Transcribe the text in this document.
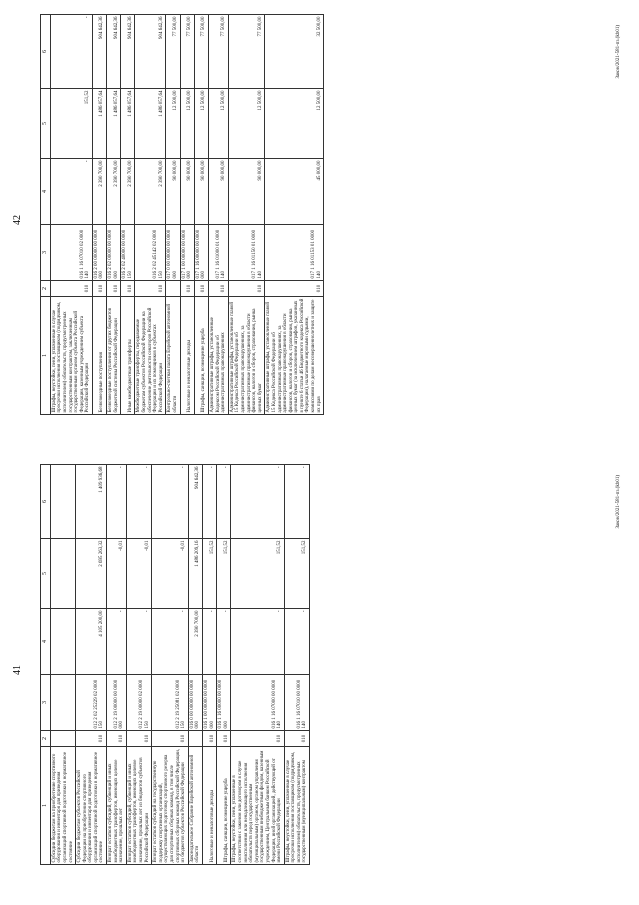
41
1	2	3	4	5	6
Субсидии бюджетам на приобретение спортивного оборудования и инвентаря для приведения организаций спортивной подготовки в нормативное состояние					
Субсидии бюджетам субъектов Российской Федерации на приобретение спортивного оборудования и инвентаря для приведения организаций спортивной подготовки в нормативное состояние	010	012 2 02 25229 02 0000 150	4 105 200,00	2 695 263,32	1 409 936,68
Возврат остатков субсидий, субвенций и иных межбюджетных трансфертов, имеющих целевое назначение, прошлых лет	010	012 2 19 00000 00 0000 000	-	-0,01	-
Возврат остатков субсидий, субвенций и иных межбюджетных трансфертов, имеющих целевое назначение, прошлых лет из бюджетов субъектов Российской Федерации	010	012 2 19 00000 02 0000 150	-	-0,01	-
Возврат остатков субсидий на государственную поддержку спортивных организаций, осуществляющих подготовку спортивного резерва для спортивных сборных команд, в том числе спортивных сборных команд Российской Федерации, из бюджетов субъектов Российской Федерации	010	012 2 19 25081 02 0000 150	-	-0,01	-
Законодательное Собрание Еврейской автономной области		016 0 00 00000 00 0000 000	2 390 700,00	1 486 209,16	904 642,36
Налоговые и неналоговые доходы	010	016 1 00 00000 00 0000 000	-	151,52	-
Штрафы, санкции, возмещение ущерба	010	016 1 16 00000 00 0000 000	-	151,52	-
Штрафы, неустойки, пени, уплаченные в соответствии с законом или договором в случае неисполнения или ненадлежащего исполнения обязательств перед государственным (муниципальным) органом, органом управления государственным внебюджетным фондом, казенным учреждением, Центральным банком Российской Федерации, иной организацией, действующей от имени Российской Федерации	010	016 1 16 07000 00 0000 140	-	151,52	-
Штрафы, неустойки, пени, уплаченные в случае просрочки исполнения поставщиком (подрядчиком, исполнителем) обязательств, предусмотренных государственным (муниципальным) контрактом	010	016 1 16 07010 00 0000 140	-	151,52	-
Закон/2021-581-пз.(kb01)
42
1	2	3	4	5	6
Штрафы, неустойки, пени, уплаченные в случае просрочки исполнения поставщиком (подрядчиком, исполнителем) обязательств, предусмотренных государственным контрактом, заключенным государственным органом субъекта Российской Федерации, казенным учреждением субъекта Российской Федерации	010	016 1 16 07010 02 0000 140	-	151,52	-
Безвозмездные поступления	010	016 2 00 00000 00 0000 000	2 390 700,00	1 486 057,64	904 642,36
Безвозмездные поступления от других бюджетов бюджетной системы Российской Федерации	010	016 2 02 00000 00 0000 000	2 390 700,00	1 486 057,64	904 642,36
Иные межбюджетные трансферты	010	016 2 02 40000 00 0000 150	2 390 700,00	1 486 057,64	904 642,36
Межбюджетные трансферты, передаваемые бюджетам субъектов Российской Федерации на обеспечение деятельности сенаторов Российской Федерации и их помощников в субъектах Российской Федерации	010	016 2 02 45142 02 0000 150	2 390 700,00	1 486 057,64	904 642,36
Контрольно-счетная палата Еврейской автономной области		017 0 00 00000 00 0000 000	90 000,00	12 500,00	77 500,00
Налоговые и неналоговые доходы	010	017 1 00 00000 00 0000 000	90 000,00	12 500,00	77 500,00
Штрафы, санкции, возмещение ущерба	010	017 1 16 00000 00 0000 000	90 000,00	12 500,00	77 500,00
Административные штрафы, установленные Кодексом Российской Федерации об административных правонарушениях	010	017 1 16 01000 01 0000 140	90 000,00	12 500,00	77 500,00
Административные штрафы, установленные главой 15 Кодекса Российской Федерации об административных правонарушениях, за административные правонарушения в области финансов, налогов и сборов, страхования, рынка ценных бумаг	010	017 1 16 01150 01 0000 140	90 000,00	12 500,00	77 500,00
Административные штрафы, установленные главой 15 Кодекса Российской Федерации об административных правонарушениях, за административные правонарушения в области финансов, налогов и сборов, страхования, рынка ценных бумаг (за исключением штрафов, указанных в пункте 6 статьи 46 Бюджетного кодекса Российской Федерации), налагаемые мировыми судьями, комиссиями по делам несовершеннолетних и защите их прав	010	017 1 16 01153 01 0000 140	45 000,00	12 500,00	32 500,00	Закон/2021-581-пз.(kb01)
